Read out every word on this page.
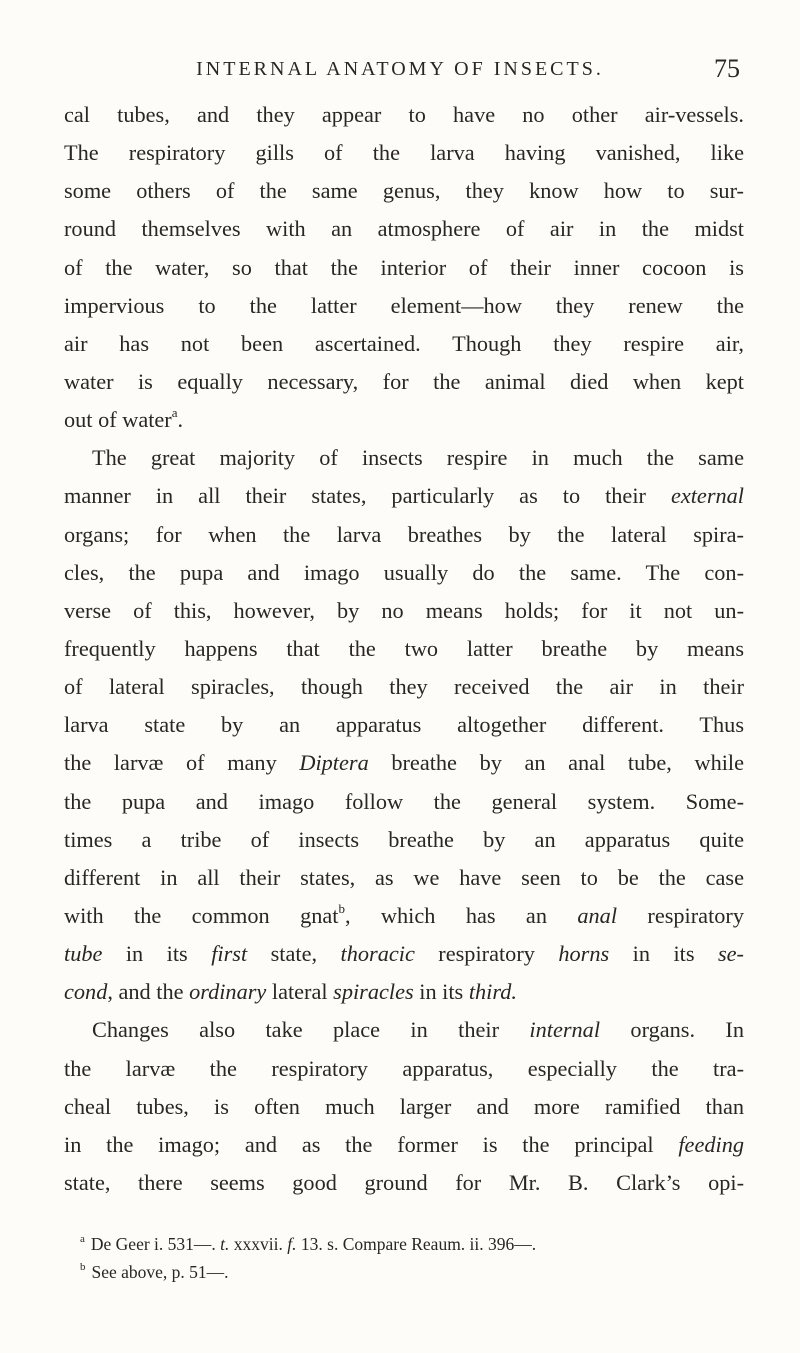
INTERNAL ANATOMY OF INSECTS.	75
cal tubes, and they appear to have no other air-vessels.
The respiratory gills of the larva having vanished, like
some others of the same genus, they know how to sur-
round themselves with an atmosphere of air in the midst
of the water, so that the interior of their inner cocoon is
impervious to the latter element—how they renew the
air has not been ascertained. Though they respire air,
water is equally necessary, for the animal died when kept
out of water$^a$.
The great majority of insects respire in much the same
manner in all their states, particularly as to their external
organs; for when the larva breathes by the lateral spira-
cles, the pupa and imago usually do the same. The con-
verse of this, however, by no means holds; for it not un-
frequently happens that the two latter breathe by means
of lateral spiracles, though they received the air in their
larva state by an apparatus altogether different. Thus
the larvæ of many Diptera breathe by an anal tube, while
the pupa and imago follow the general system. Some-
times a tribe of insects breathe by an apparatus quite
different in all their states, as we have seen to be the case
with the common gnat$^b$, which has an anal respiratory
tube in its first state, thoracic respiratory horns in its se-
cond, and the ordinary lateral spiracles in its third.
Changes also take place in their internal organs. In
the larvæ the respiratory apparatus, especially the tra-
cheal tubes, is often much larger and more ramified than
in the imago; and as the former is the principal feeding
state, there seems good ground for Mr. B. Clark’s opi-
$^a$ De Geer i. 531—. t. xxxvii. f. 13. s. Compare Reaum. ii. 396—.
$^b$ See above, p. 51—.
